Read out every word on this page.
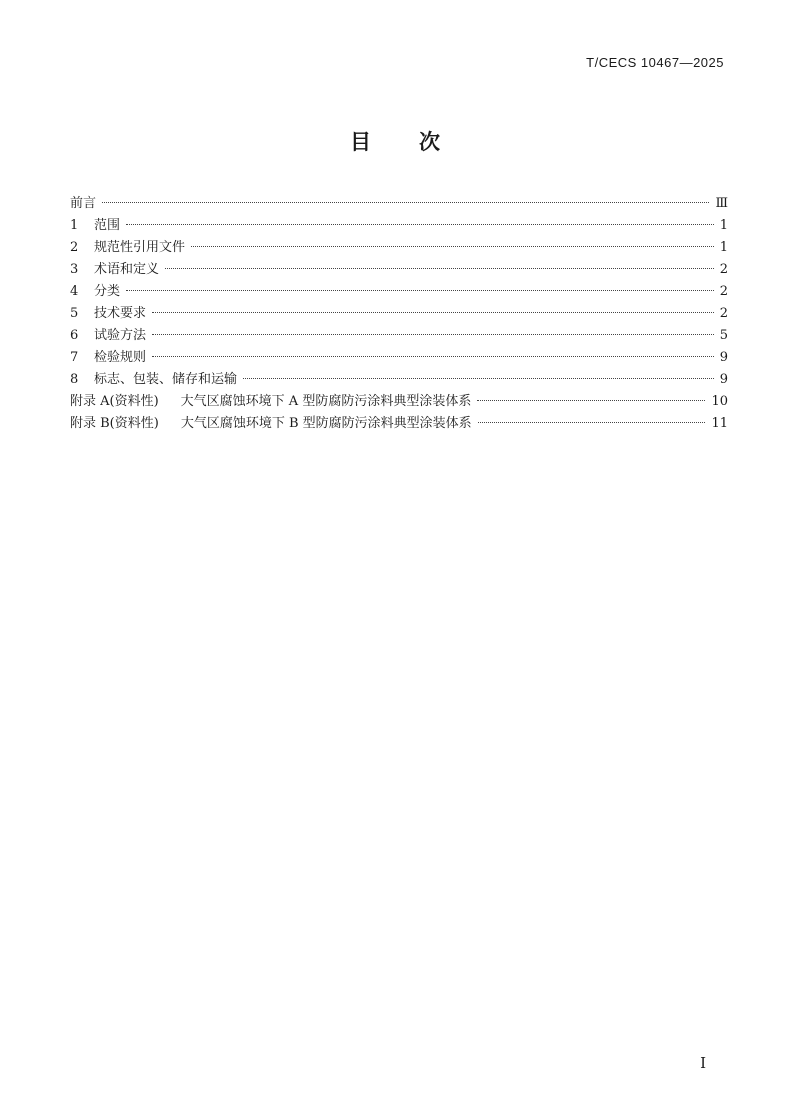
T/CECS 10467—2025
目 次
前言	Ⅲ
1	范围	1
2	规范性引用文件	1
3	术语和定义	2
4	分类	2
5	技术要求	2
6	试验方法	5
7	检验规则	9
8	标志、包装、储存和运输	9
附录 A(资料性) 大气区腐蚀环境下 A 型防腐防污涂料典型涂装体系	10
附录 B(资料性) 大气区腐蚀环境下 B 型防腐防污涂料典型涂装体系	11
I
